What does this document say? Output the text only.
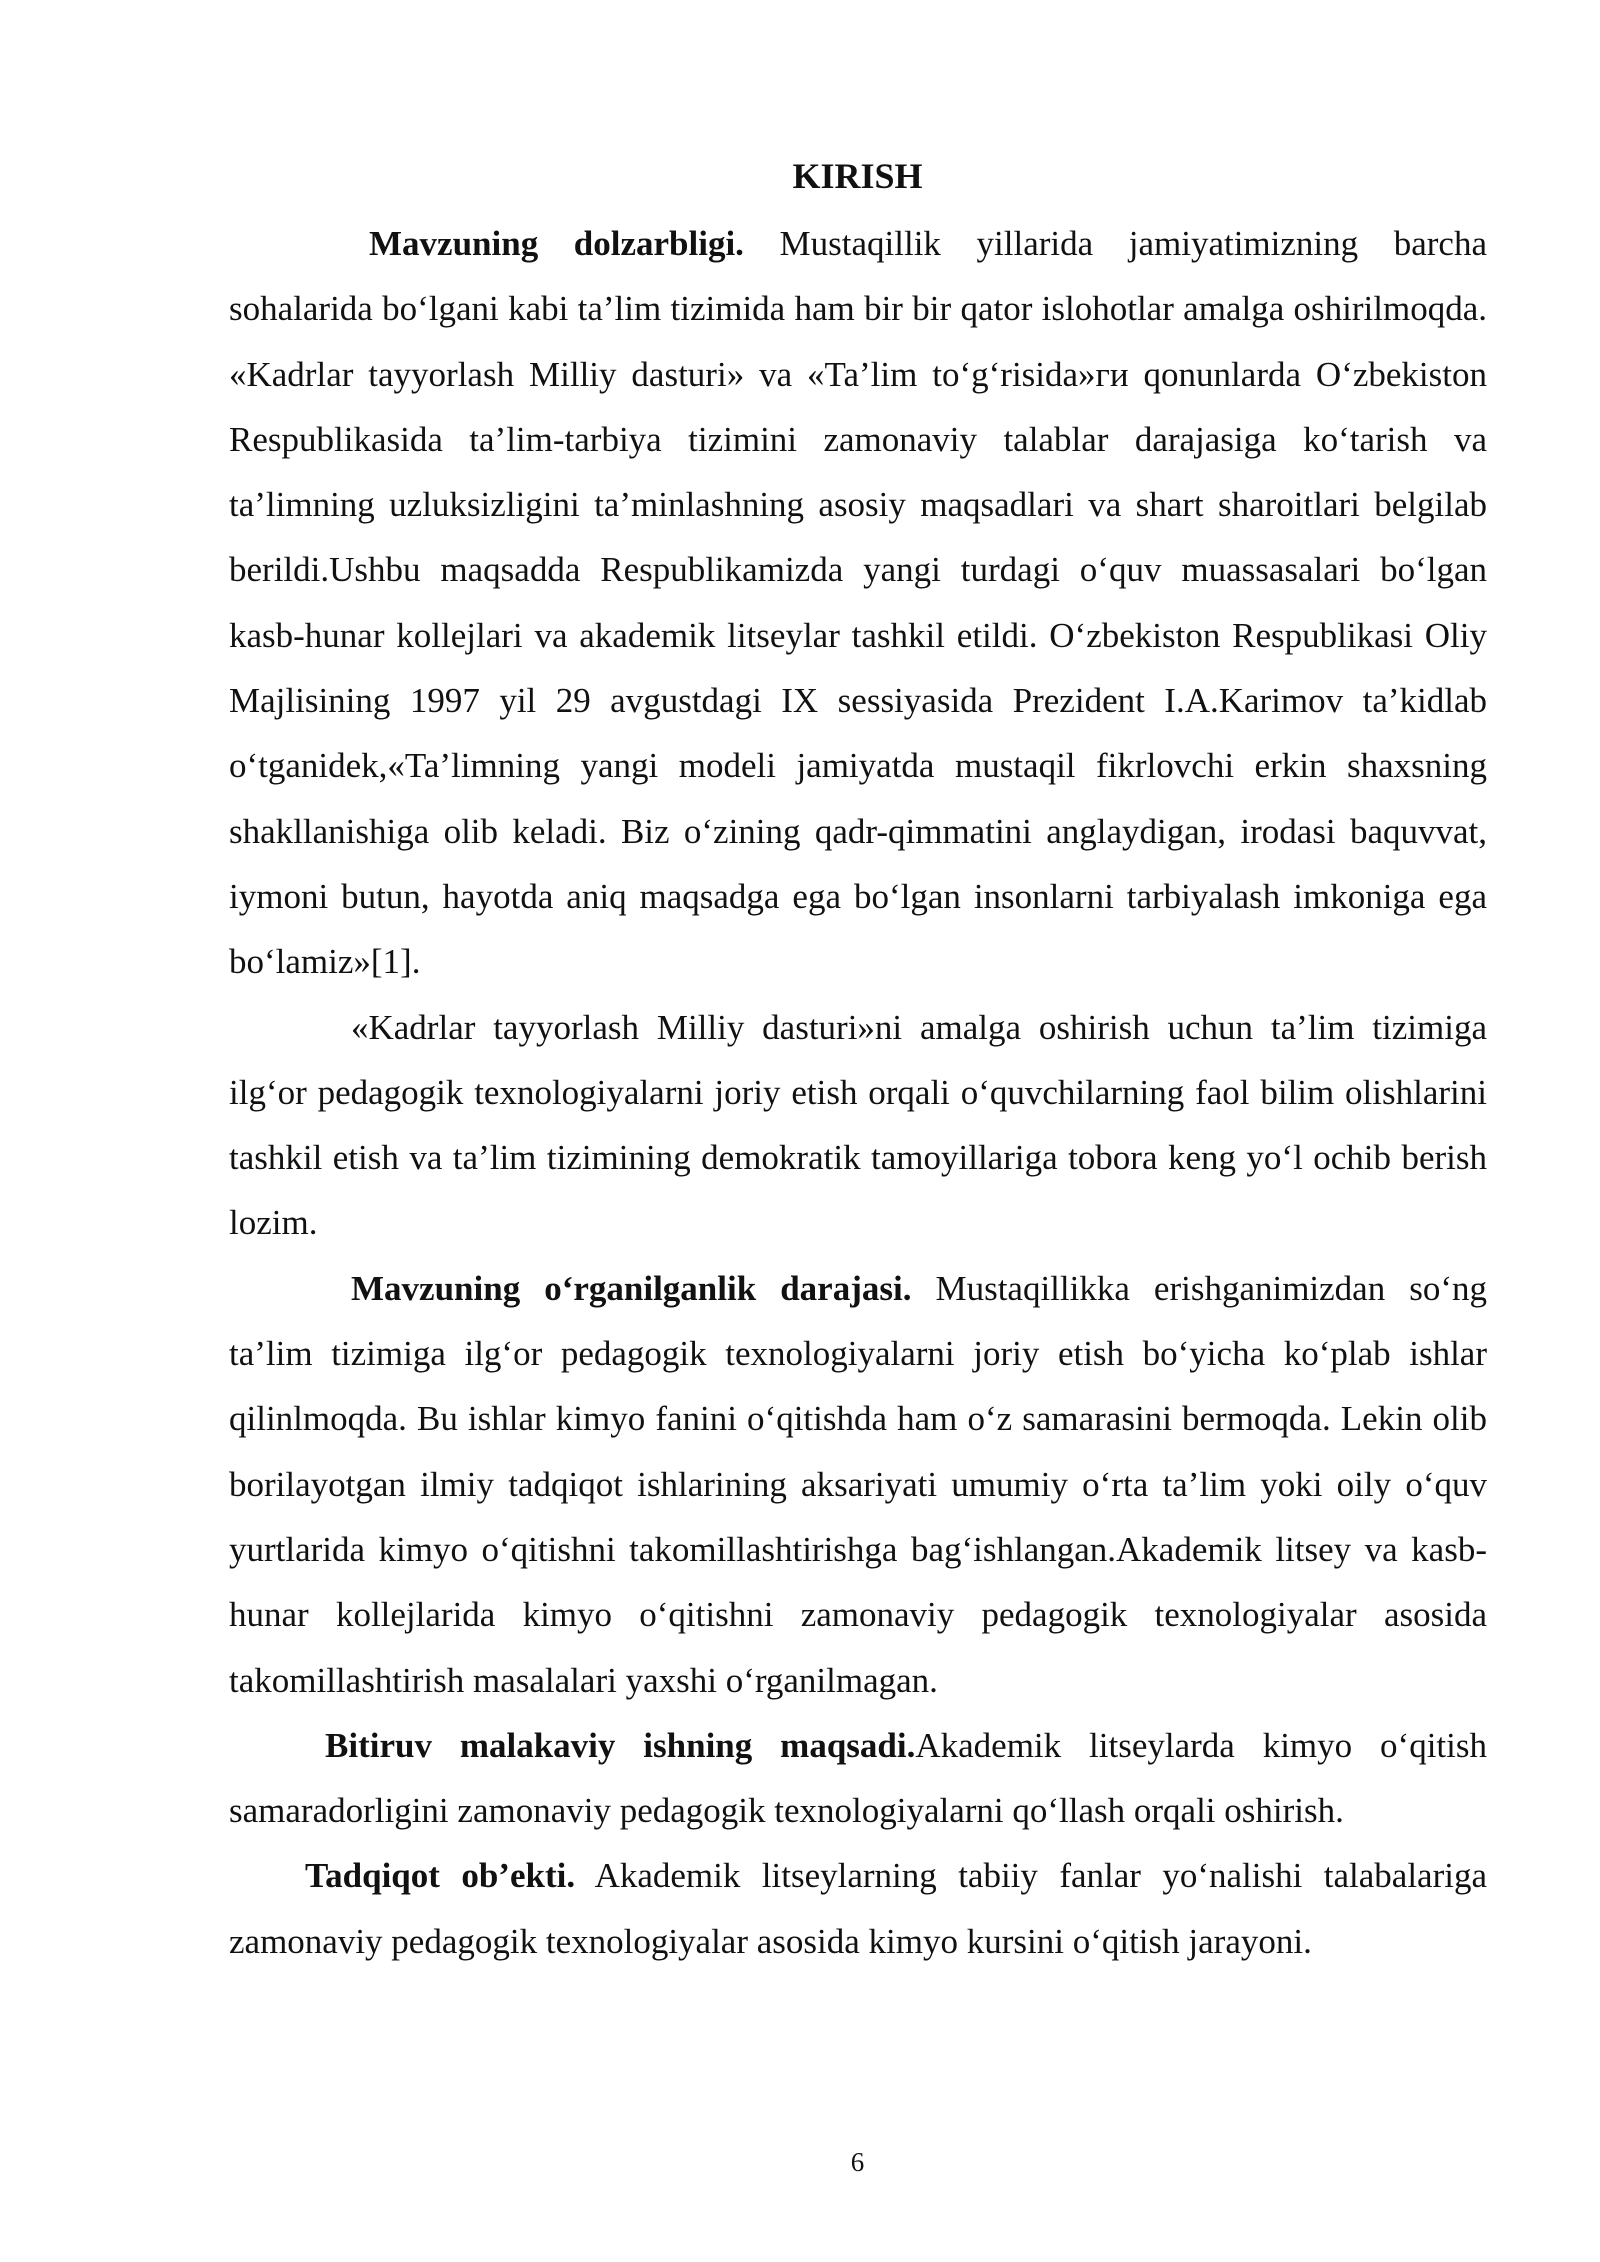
KIRISH

Mavzuning dolzarbligi. Mustaqillik yillarida jamiyatimizning barcha sohalarida bo‘lgani kabi ta’lim tizimida ham bir bir qator islohotlar amalga oshirilmoqda. «Kadrlar tayyorlash Milliy dasturi» va «Ta’lim to‘g‘risida»ги qonunlarda O‘zbekiston Respublikasida ta’lim-tarbiya tizimini zamonaviy talablar darajasiga ko‘tarish va ta’limning uzluksizligini ta’minlashning asosiy maqsadlari va shart sharoitlari belgilab berildi.Ushbu maqsadda Respublikamizda yangi turdagi o‘quv muassasalari bo‘lgan kasb-hunar kollejlari va akademik litseylar tashkil etildi. O‘zbekiston Respublikasi Oliy Majlisining 1997 yil 29 avgustdagi IX sessiyasida Prezident I.A.Karimov ta’kidlab o‘tganidek,«Ta’limning yangi modeli jamiyatda mustaqil fikrlovchi erkin shaxsning shakllanishiga olib keladi. Biz o‘zining qadr-qimmatini anglaydigan, irodasi baquvvat, iymoni butun, hayotda aniq maqsadga ega bo‘lgan insonlarni tarbiyalash imkoniga ega bo‘lamiz»[1].

«Kadrlar tayyorlash Milliy dasturi»ni amalga oshirish uchun ta’lim tizimiga ilg‘or pedagogik texnologiyalarni joriy etish orqali o‘quvchilarning faol bilim olishlarini tashkil etish va ta’lim tizimining demokratik tamoyillariga tobora keng yo‘l ochib berish lozim.

Mavzuning o‘rganilganlik darajasi. Mustaqillikka erishganimizdan so‘ng ta’lim tizimiga ilg‘or pedagogik texnologiyalarni joriy etish bo‘yicha ko‘plab ishlar qilinlmoqda. Bu ishlar kimyo fanini o‘qitishda ham o‘z samarasini bermoqda. Lekin olib borilayotgan ilmiy tadqiqot ishlarining aksariyati umumiy o‘rta ta’lim yoki oily o‘quv yurtlarida kimyo o‘qitishni takomillashtirishga bag‘ishlangan.Akademik litsey va kasb-hunar kollejlarida kimyo o‘qitishni zamonaviy pedagogik texnologiyalar asosida takomillashtirish masalalari yaxshi o‘rganilmagan.

Bitiruv malakaviy ishning maqsadi.Akademik litseylarda kimyo o‘qitish samaradorligini zamonaviy pedagogik texnologiyalarni qo‘llash orqali oshirish.

Tadqiqot ob’ekti. Akademik litseylarning tabiiy fanlar yo‘nalishi talabalariga zamonaviy pedagogik texnologiyalar asosida kimyo kursini o‘qitish jarayoni.

6
